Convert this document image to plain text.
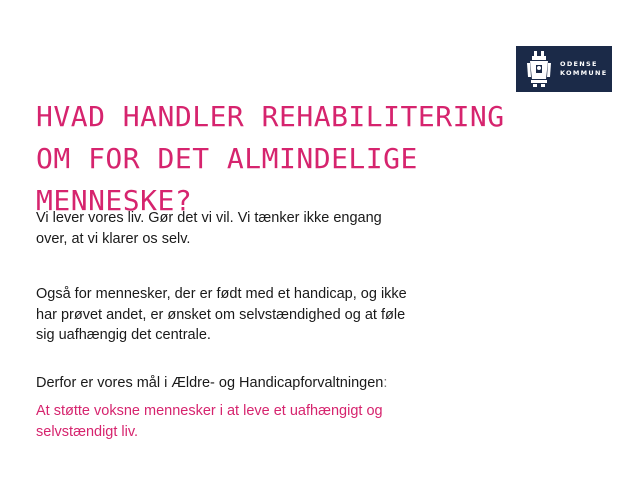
ODENSE
KOMMUNE
HVAD HANDLER REHABILITERING
OM FOR DET ALMINDELIGE
MENNESKE?

Vi lever vores liv. Gør det vi vil. Vi tænker ikke engang
over, at vi klarer os selv.

Også for mennesker, der er født med et handicap, og ikke
har prøvet andet, er ønsket om selvstændighed og at føle
sig uafhængig det centrale.

Derfor er vores mål i Ældre- og Handicapforvaltningen:

At støtte voksne mennesker i at leve et uafhængigt og
selvstændigt liv.
